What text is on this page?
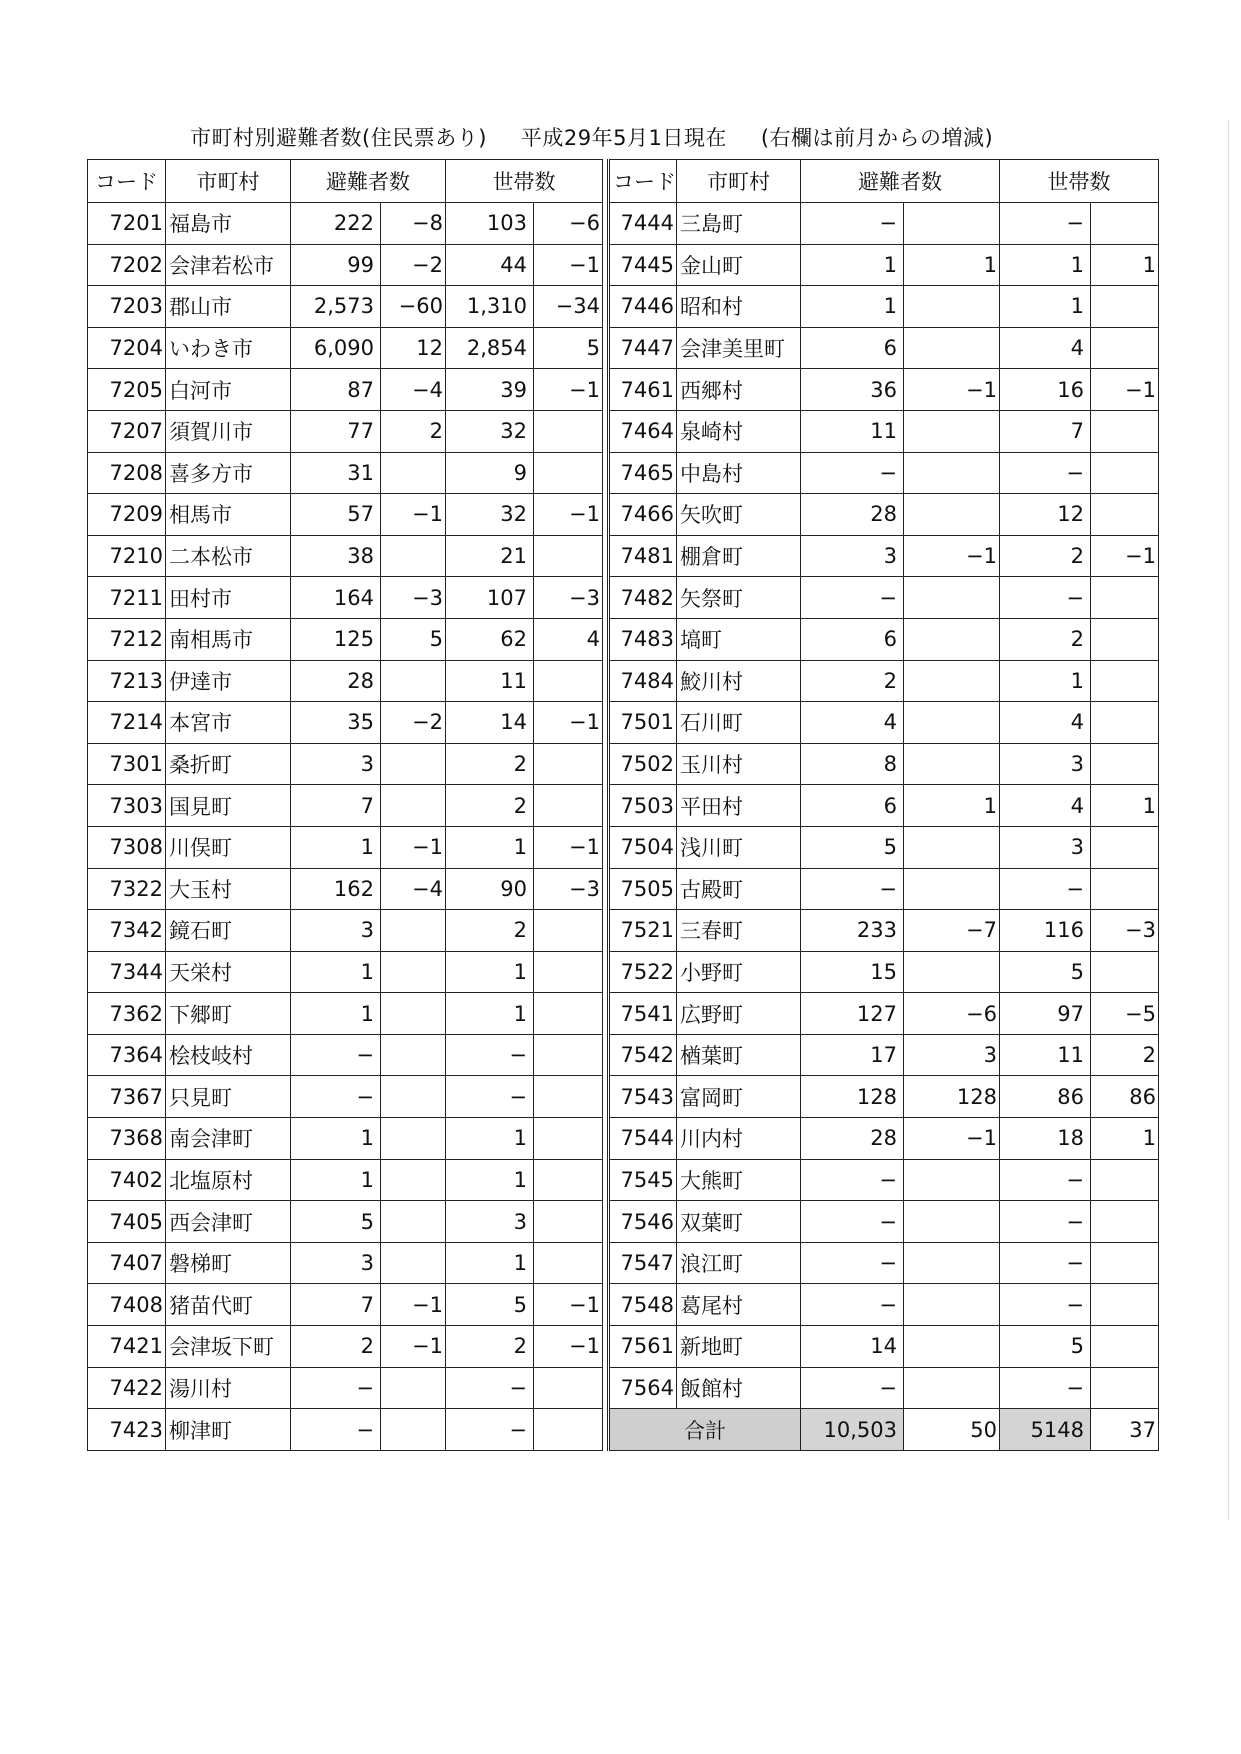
市町村別避難者数(住民票あり) 平成29年5月1日現在 (右欄は前月からの増減)
コード	市町村	避難者数		世帯数	
7201	福島市	222	−8	103	−6
7202	会津若松市	99	−2	44	−1
7203	郡山市	2,573	−60	1,310	−34
7204	いわき市	6,090	12	2,854	5
7205	白河市	87	−4	39	−1
7207	須賀川市	77	2	32	
7208	喜多方市	31		9	
7209	相馬市	57	−1	32	−1
7210	二本松市	38		21	
7211	田村市	164	−3	107	−3
7212	南相馬市	125	5	62	4
7213	伊達市	28		11	
7214	本宮市	35	−2	14	−1
7301	桑折町	3		2	
7303	国見町	7		2	
7308	川俣町	1	−1	1	−1
7322	大玉村	162	−4	90	−3
7342	鏡石町	3		2	
7344	天栄村	1		1	
7362	下郷町	1		1	
7364	桧枝岐村	−		−	
7367	只見町	−		−	
7368	南会津町	1		1	
7402	北塩原村	1		1	
7405	西会津町	5		3	
7407	磐梯町	3		1	
7408	猪苗代町	7	−1	5	−1
7421	会津坂下町	2	−1	2	−1
7422	湯川村	−		−	
7423	柳津町	−		−	
コード	市町村	避難者数		世帯数	
7444	三島町	−		−	
7445	金山町	1	1	1	1
7446	昭和村	1		1	
7447	会津美里町	6		4	
7461	西郷村	36	−1	16	−1
7464	泉崎村	11		7	
7465	中島村	−		−	
7466	矢吹町	28		12	
7481	棚倉町	3	−1	2	−1
7482	矢祭町	−		−	
7483	塙町	6		2	
7484	鮫川村	2		1	
7501	石川町	4		4	
7502	玉川村	8		3	
7503	平田村	6	1	4	1
7504	浅川町	5		3	
7505	古殿町	−		−	
7521	三春町	233	−7	116	−3
7522	小野町	15		5	
7541	広野町	127	−6	97	−5
7542	楢葉町	17	3	11	2
7543	富岡町	128	128	86	86
7544	川内村	28	−1	18	1
7545	大熊町	−		−	
7546	双葉町	−		−	
7547	浪江町	−		−	
7548	葛尾村	−		−	
7561	新地町	14		5	
7564	飯館村	−		−	
合計		10,503	50	5148	37
